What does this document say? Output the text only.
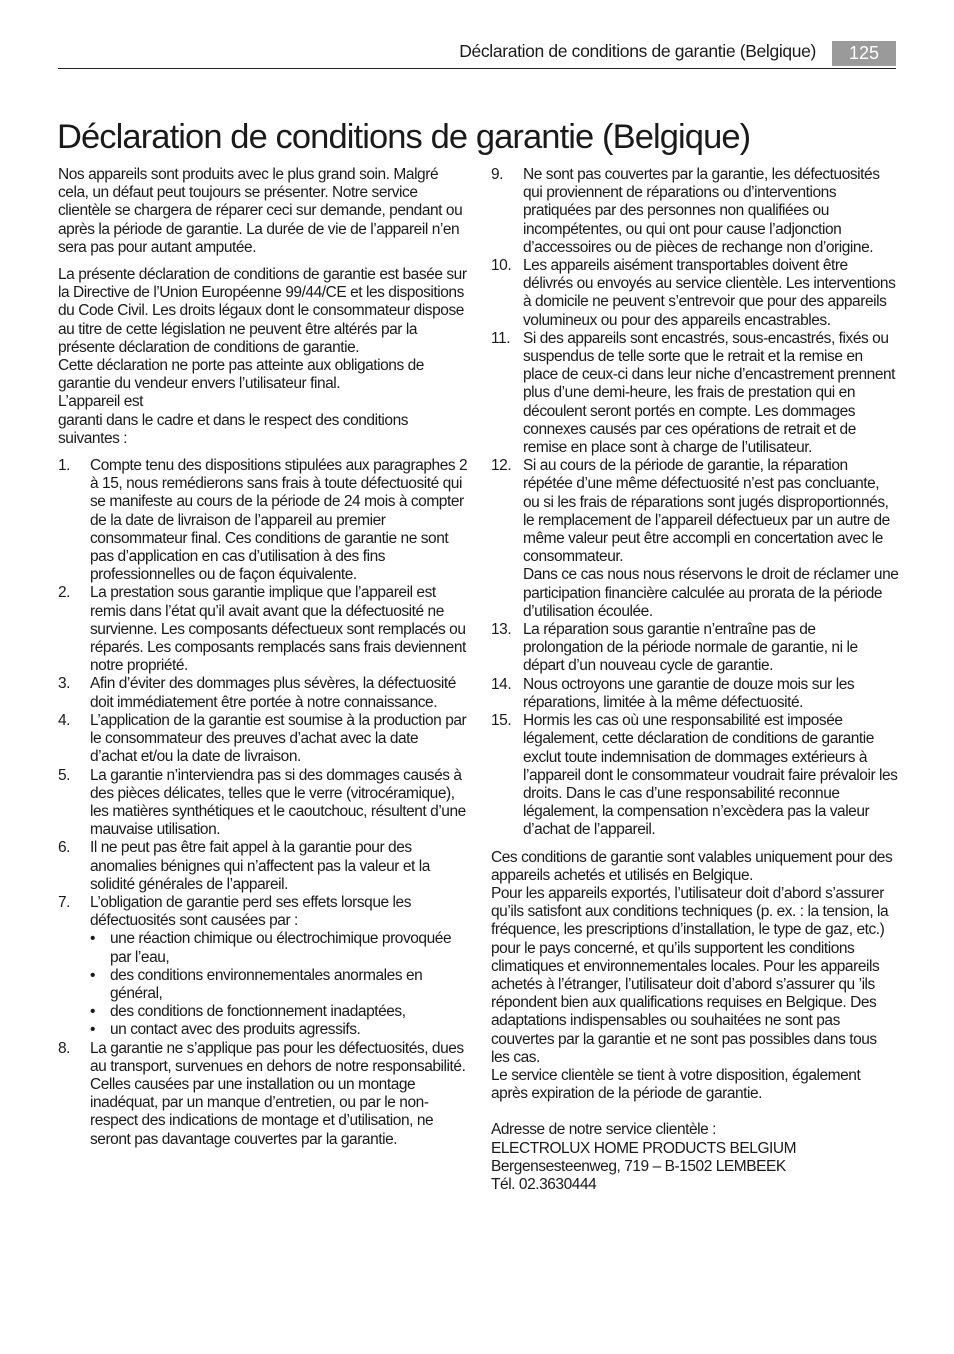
Déclaration de conditions de garantie (Belgique)	125
Déclaration de conditions de garantie (Belgique)

Nos appareils sont produits avec le plus grand soin. Malgré cela, un défaut peut toujours se présenter. Notre service clientèle se chargera de réparer ceci sur demande, pendant ou après la période de garantie. La durée de vie de l’appareil n’en sera pas pour autant amputée.

La présente déclaration de conditions de garantie est basée sur la Directive de l’Union Européenne 99/44/CE et les dispositions du Code Civil. Les droits légaux dont le consommateur dispose au titre de cette législation ne peuvent être altérés par la présente déclaration de conditions de garantie.

Cette déclaration ne porte pas atteinte aux obligations de garantie du vendeur envers l’utilisateur final.

L’appareil est

garanti dans le cadre et dans le respect des conditions suivantes :

1. Compte tenu des dispositions stipulées aux paragraphes 2 à 15, nous remédierons sans frais à toute défectuosité qui se manifeste au cours de la période de 24 mois à compter de la date de livraison de l’appareil au premier consommateur final. Ces conditions de garantie ne sont pas d’application en cas d’utilisation à des fins professionnelles ou de façon équivalente.
2. La prestation sous garantie implique que l’appareil est remis dans l’état qu’il avait avant que la défectuosité ne survienne. Les composants défectueux sont remplacés ou réparés. Les composants remplacés sans frais deviennent notre propriété.
3. Afin d’éviter des dommages plus sévères, la défectuosité doit immédiatement être portée à notre connaissance.
4. L’application de la garantie est soumise à la production par le consommateur des preuves d’achat avec la date d’achat et/ou la date de livraison.
5. La garantie n’interviendra pas si des dommages causés à des pièces délicates, telles que le verre (vitrocéramique), les matières synthétiques et le caoutchouc, résultent d’une mauvaise utilisation.
6. Il ne peut pas être fait appel à la garantie pour des anomalies bénignes qui n’affectent pas la valeur et la solidité générales de l’appareil.
7. L’obligation de garantie perd ses effets lorsque les défectuosités sont causées par :
• une réaction chimique ou électrochimique provoquée par l’eau,
• des conditions environnementales anormales en général,
• des conditions de fonctionnement inadaptées,
• un contact avec des produits agressifs.
8. La garantie ne s’applique pas pour les défectuosités, dues au transport, survenues en dehors de notre responsabilité. Celles causées par une installation ou un montage inadéquat, par un manque d’entretien, ou par le non-respect des indications de montage et d’utilisation, ne seront pas davantage couvertes par la garantie.
9. Ne sont pas couvertes par la garantie, les défectuosités qui proviennent de réparations ou d’interventions pratiquées par des personnes non qualifiées ou incompétentes, ou qui ont pour cause l’adjonction d’accessoires ou de pièces de rechange non d’origine.
10. Les appareils aisément transportables doivent être délivrés ou envoyés au service clientèle. Les interventions à domicile ne peuvent s’entrevoir que pour des appareils volumineux ou pour des appareils encastrables.
11. Si des appareils sont encastrés, sous-encastrés, fixés ou suspendus de telle sorte que le retrait et la remise en place de ceux-ci dans leur niche d’encastrement prennent plus d’une demi-heure, les frais de prestation qui en découlent seront portés en compte. Les dommages connexes causés par ces opérations de retrait et de remise en place sont à charge de l’utilisateur.
12. Si au cours de la période de garantie, la réparation répétée d’une même défectuosité n’est pas concluante, ou si les frais de réparations sont jugés disproportionnés, le remplacement de l’appareil défectueux par un autre de même valeur peut être accompli en concertation avec le consommateur.
Dans ce cas nous nous réservons le droit de réclamer une participation financière calculée au prorata de la période d’utilisation écoulée.
13. La réparation sous garantie n’entraîne pas de prolongation de la période normale de garantie, ni le départ d’un nouveau cycle de garantie.
14. Nous octroyons une garantie de douze mois sur les réparations, limitée à la même défectuosité.
15. Hormis les cas où une responsabilité est imposée légalement, cette déclaration de conditions de garantie exclut toute indemnisation de dommages extérieurs à l’appareil dont le consommateur voudrait faire prévaloir les droits. Dans le cas d’une responsabilité reconnue légalement, la compensation n’excèdera pas la valeur d’achat de l’appareil.

Ces conditions de garantie sont valables uniquement pour des appareils achetés et utilisés en Belgique.

Pour les appareils exportés, l’utilisateur doit d’abord s’assurer qu’ils satisfont aux conditions techniques (p. ex. : la tension, la fréquence, les prescriptions d’installation, le type de gaz, etc.) pour le pays concerné, et qu’ils supportent les conditions climatiques et environnementales locales. Pour les appareils achetés à l’étranger, l’utilisateur doit d’abord s’assurer qu ’ils répondent bien aux qualifications requises en Belgique. Des adaptations indispensables ou souhaitées ne sont pas couvertes par la garantie et ne sont pas possibles dans tous les cas.

Le service clientèle se tient à votre disposition, également après expiration de la période de garantie.

Adresse de notre service clientèle :

ELECTROLUX HOME PRODUCTS BELGIUM

Bergensesteenweg, 719 – B-1502 LEMBEEK

Tél. 02.3630444
